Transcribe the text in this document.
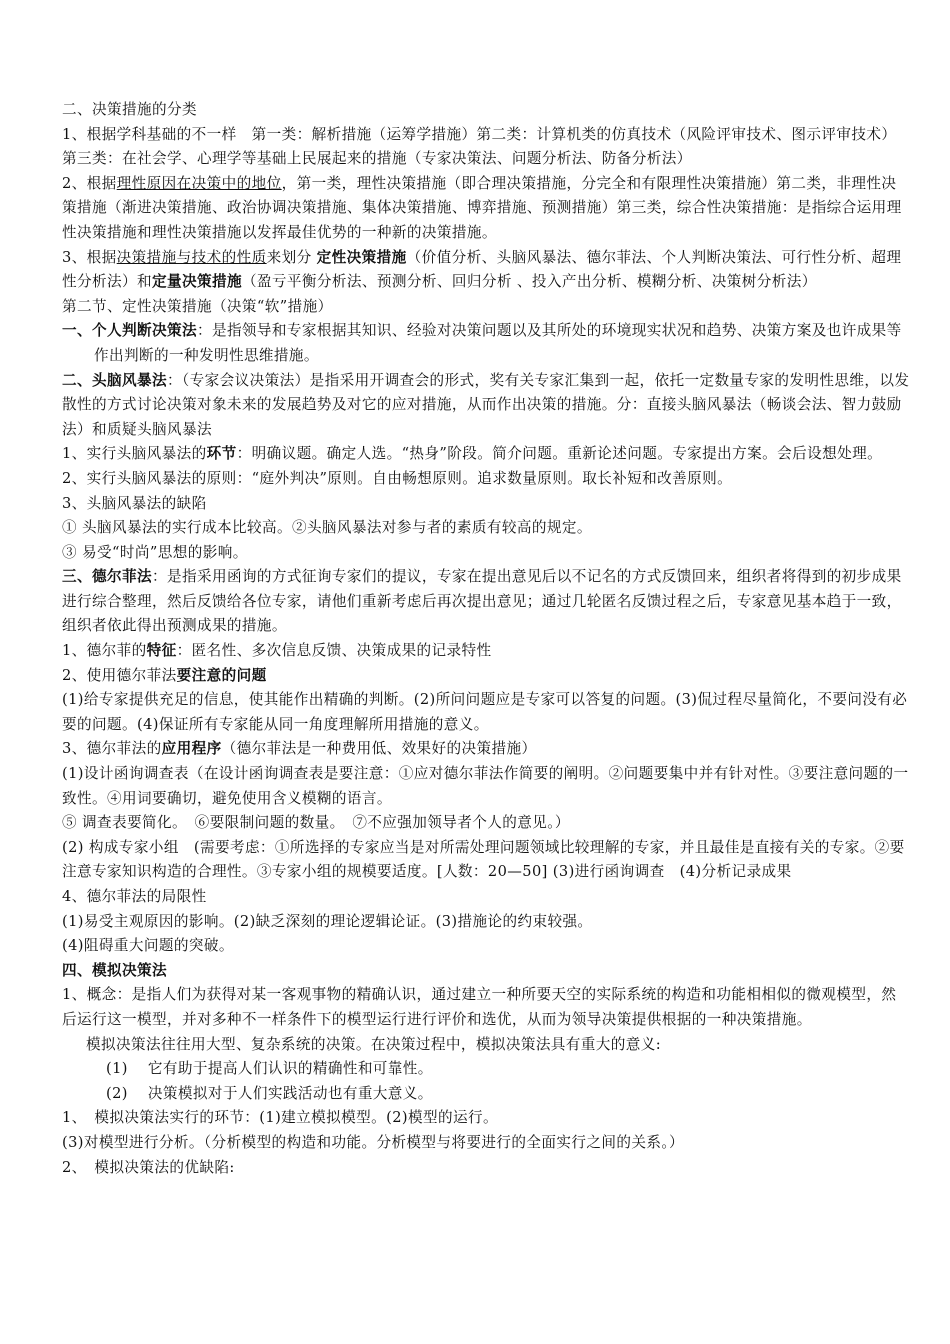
二、决策措施的分类

1、根据学科基础的不一样　第一类：解析措施（运筹学措施）第二类：计算机类的仿真技术（风险评审技术、图示评审技术）第三类：在社会学、心理学等基础上民展起来的措施（专家决策法、问题分析法、防备分析法）

2、根据理性原因在决策中的地位，第一类，理性决策措施（即合理决策措施，分完全和有限理性决策措施）第二类，非理性决策措施（渐进决策措施、政治协调决策措施、集体决策措施、博弈措施、预测措施）第三类，综合性决策措施：是指综合运用理性决策措施和理性决策措施以发挥最佳优势的一种新的决策措施。

3、根据决策措施与技术的性质来划分 定性决策措施（价值分析、头脑风暴法、德尔菲法、个人判断决策法、可行性分析、超理性分析法）和定量决策措施（盈亏平衡分析法、预测分析、回归分析 、投入产出分析、模糊分析、决策树分析法）

第二节、定性决策措施（决策“软”措施）

一、个人判断决策法：是指领导和专家根据其知识、经验对决策问题以及其所处的环境现实状况和趋势、决策方案及也许成果等作出判断的一种发明性思维措施。

二、头脑风暴法：（专家会议决策法）是指采用开调查会的形式，奖有关专家汇集到一起，依托一定数量专家的发明性思维，以发散性的方式讨论决策对象未来的发展趋势及对它的应对措施，从而作出决策的措施。分：直接头脑风暴法（畅谈会法、智力鼓励法）和质疑头脑风暴法

1、实行头脑风暴法的环节：明确议题。确定人选。“热身”阶段。简介问题。重新论述问题。专家提出方案。会后设想处理。

2、实行头脑风暴法的原则：“庭外判决”原则。自由畅想原则。追求数量原则。取长补短和改善原则。

3、头脑风暴法的缺陷

① 头脑风暴法的实行成本比较高。②头脑风暴法对参与者的素质有较高的规定。

③ 易受“时尚”思想的影响。

三、德尔菲法：是指采用函询的方式征询专家们的提议，专家在提出意见后以不记名的方式反馈回来，组织者将得到的初步成果进行综合整理，然后反馈给各位专家，请他们重新考虑后再次提出意见；通过几轮匿名反馈过程之后，专家意见基本趋于一致，组织者依此得出预测成果的措施。

1、德尔菲的特征：匿名性、多次信息反馈、决策成果的记录特性

2、使用德尔菲法要注意的问题

(1)给专家提供充足的信息，使其能作出精确的判断。(2)所问问题应是专家可以答复的问题。(3)侃过程尽量简化，不要问没有必要的问题。(4)保证所有专家能从同一角度理解所用措施的意义。

3、德尔菲法的应用程序（德尔菲法是一种费用低、效果好的决策措施）

(1)设计函询调查表（在设计函询调查表是要注意：①应对德尔菲法作简要的阐明。②问题要集中并有针对性。③要注意问题的一致性。④用词要确切，避免使用含义模糊的语言。

⑤ 调查表要简化。　⑥要限制问题的数量。　⑦不应强加领导者个人的意见。）

(2) 构成专家小组　(需要考虑：①所选择的专家应当是对所需处理问题领域比较理解的专家，并且最佳是直接有关的专家。②要注意专家知识构造的合理性。③专家小组的规模要适度。[人数：20—50] (3)进行函询调查　(4)分析记录成果

4、德尔菲法的局限性

(1)易受主观原因的影响。(2)缺乏深刻的理论逻辑论证。(3)措施论的约束较强。

(4)阻碍重大问题的突破。

四、模拟决策法

1、概念：是指人们为获得对某一客观事物的精确认识，通过建立一种所要天空的实际系统的构造和功能相相似的微观模型，然后运行这一模型，并对多种不一样条件下的模型运行进行评价和选优，从而为领导决策提供根据的一种决策措施。

模拟决策法往往用大型、复杂系统的决策。在决策过程中，模拟决策法具有重大的意义:

(1)　 它有助于提高人们认识的精确性和可靠性。

(2)　 决策模拟对于人们实践活动也有重大意义。

1、　模拟决策法实行的环节：(1)建立模拟模型。(2)模型的运行。

(3)对模型进行分析。（分析模型的构造和功能。分析模型与将要进行的全面实行之间的关系。）

2、　模拟决策法的优缺陷:
